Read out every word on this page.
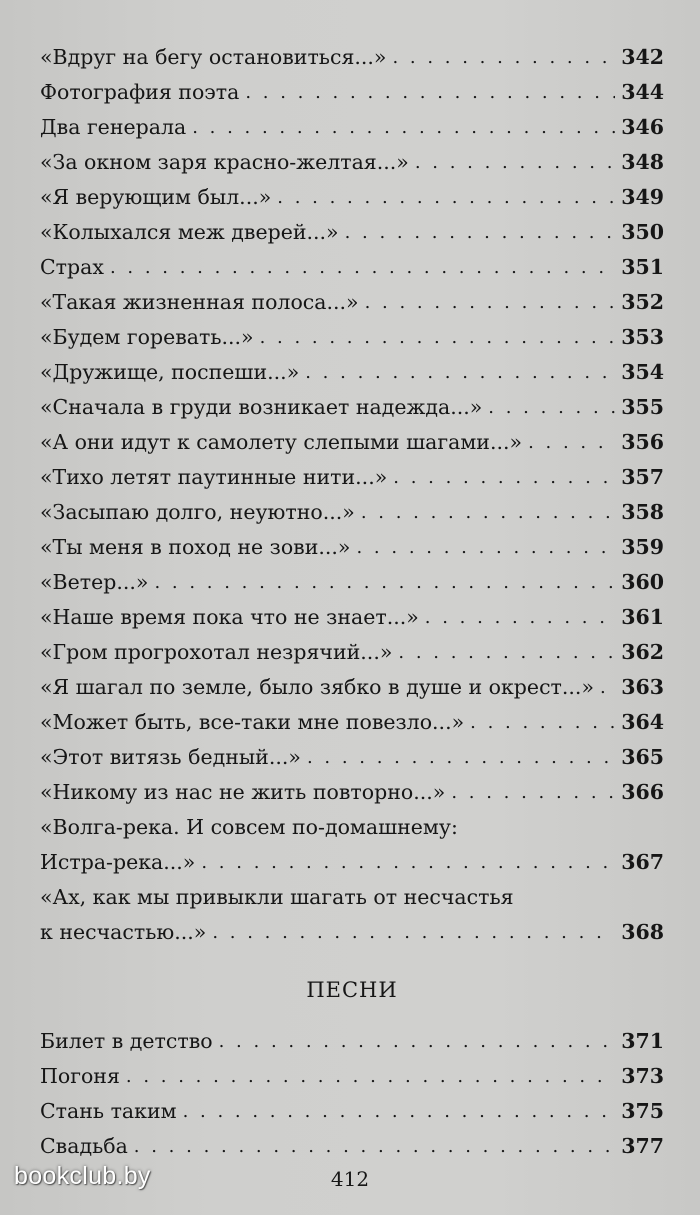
«Вдруг на бегу остановиться...» . . .	342
Фотография поэта . . .	344
Два генерала . . .	346
«За окном заря красно-желтая...» . . .	348
«Я верующим был...» . . .	349
«Колыхался меж дверей...» . . .	350
Страх . . .	351
«Такая жизненная полоса...» . . .	352
«Будем горевать...» . . .	353
«Дружище, поспеши...» . . .	354
«Сначала в груди возникает надежда...» . . .	355
«А они идут к самолету слепыми шагами...» . . .	356
«Тихо летят паутинные нити...» . . .	357
«Засыпаю долго, неуютно...» . . .	358
«Ты меня в поход не зови...» . . .	359
«Ветер...» . . .	360
«Наше время пока что не знает...» . . .	361
«Гром прогрохотал незрячий...» . . .	362
«Я шагал по земле, было зябко в душе и окрест...» . . . 363
«Может быть, все-таки мне повезло...» . . .	364
«Этот витязь бедный...» . . .	365
«Никому из нас не жить повторно...» . . .	366
«Волга-река. И совсем по-домашнему:
Истра-река...» . . .	367
«Ах, как мы привыкли шагать от несчастья
к несчастью...» . . .	368
ПЕСНИ
Билет в детство . . .	371
Погоня . . .	373
Стань таким . . .	375
Свадьба . . .	377
412
bookclub.by
